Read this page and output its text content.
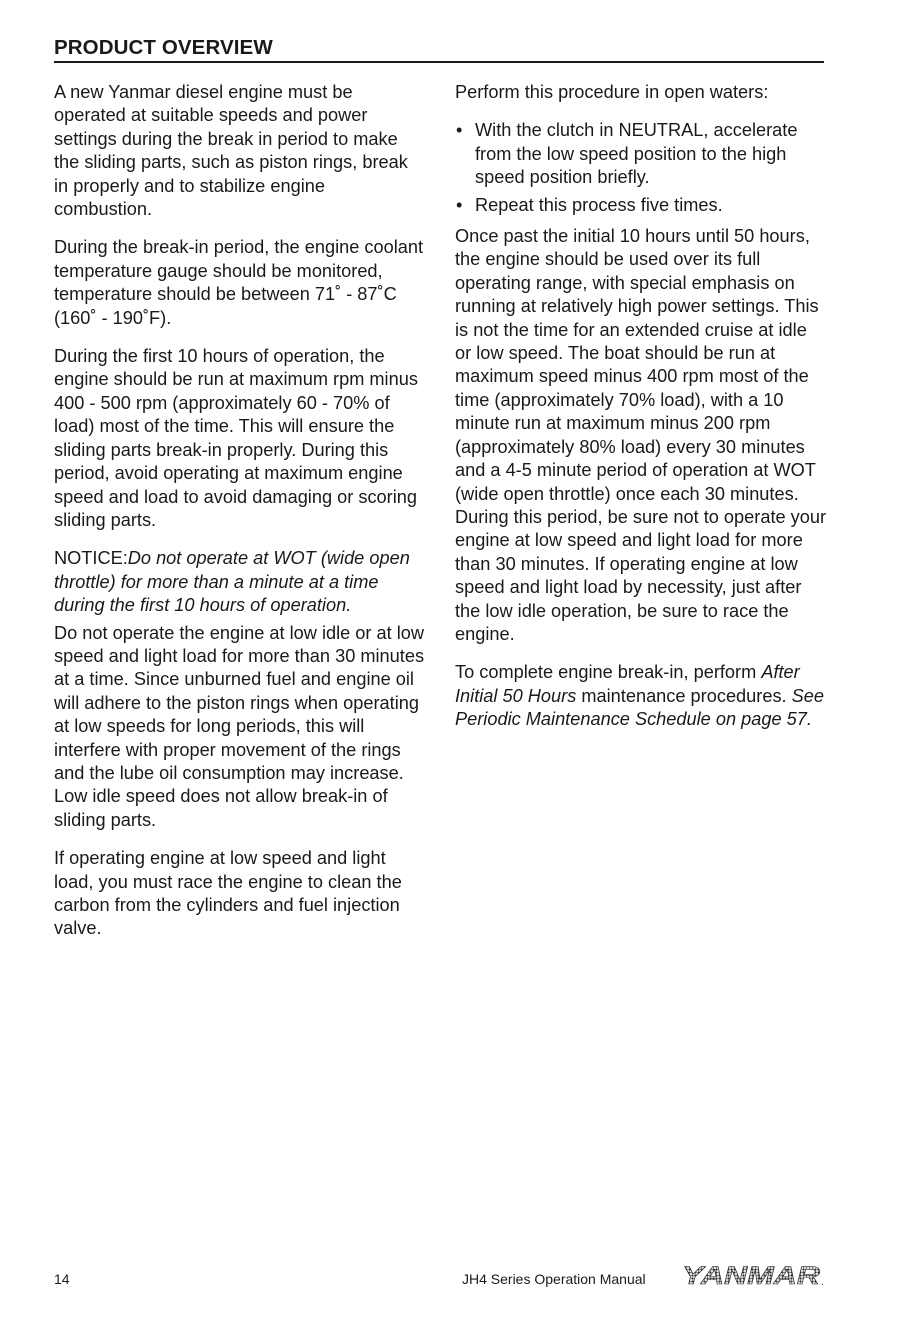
PRODUCT OVERVIEW

A new Yanmar diesel engine must be operated at suitable speeds and power settings during the break in period to make the sliding parts, such as piston rings, break in properly and to stabilize engine combustion.

During the break-in period, the engine coolant temperature gauge should be monitored, temperature should be between 71˚ - 87˚C (160˚ - 190˚F).

During the first 10 hours of operation, the engine should be run at maximum rpm minus 400 - 500 rpm (approximately 60 - 70% of load) most of the time. This will ensure the sliding parts break-in properly. During this period, avoid operating at maximum engine speed and load to avoid damaging or scoring sliding parts.

NOTICE:Do not operate at WOT (wide open throttle) for more than a minute at a time during the first 10 hours of operation.

Do not operate the engine at low idle or at low speed and light load for more than 30 minutes at a time. Since unburned fuel and engine oil will adhere to the piston rings when operating at low speeds for long periods, this will interfere with proper movement of the rings and the lube oil consumption may increase. Low idle speed does not allow break-in of sliding parts.

If operating engine at low speed and light load, you must race the engine to clean the carbon from the cylinders and fuel injection valve.

Perform this procedure in open waters:

• With the clutch in NEUTRAL, accelerate from the low speed position to the high speed position briefly.
• Repeat this process five times.

Once past the initial 10 hours until 50 hours, the engine should be used over its full operating range, with special emphasis on running at relatively high power settings. This is not the time for an extended cruise at idle or low speed. The boat should be run at maximum speed minus 400 rpm most of the time (approximately 70% load), with a 10 minute run at maximum minus 200 rpm (approximately 80% load) every 30 minutes and a 4-5 minute period of operation at WOT (wide open throttle) once each 30 minutes. During this period, be sure not to operate your engine at low speed and light load for more than 30 minutes. If operating engine at low speed and light load by necessity, just after the low idle operation, be sure to race the engine.

To complete engine break-in, perform After Initial 50 Hours maintenance procedures. See Periodic Maintenance Schedule on page 57.

14	JH4 Series Operation Manual YANMAR .
